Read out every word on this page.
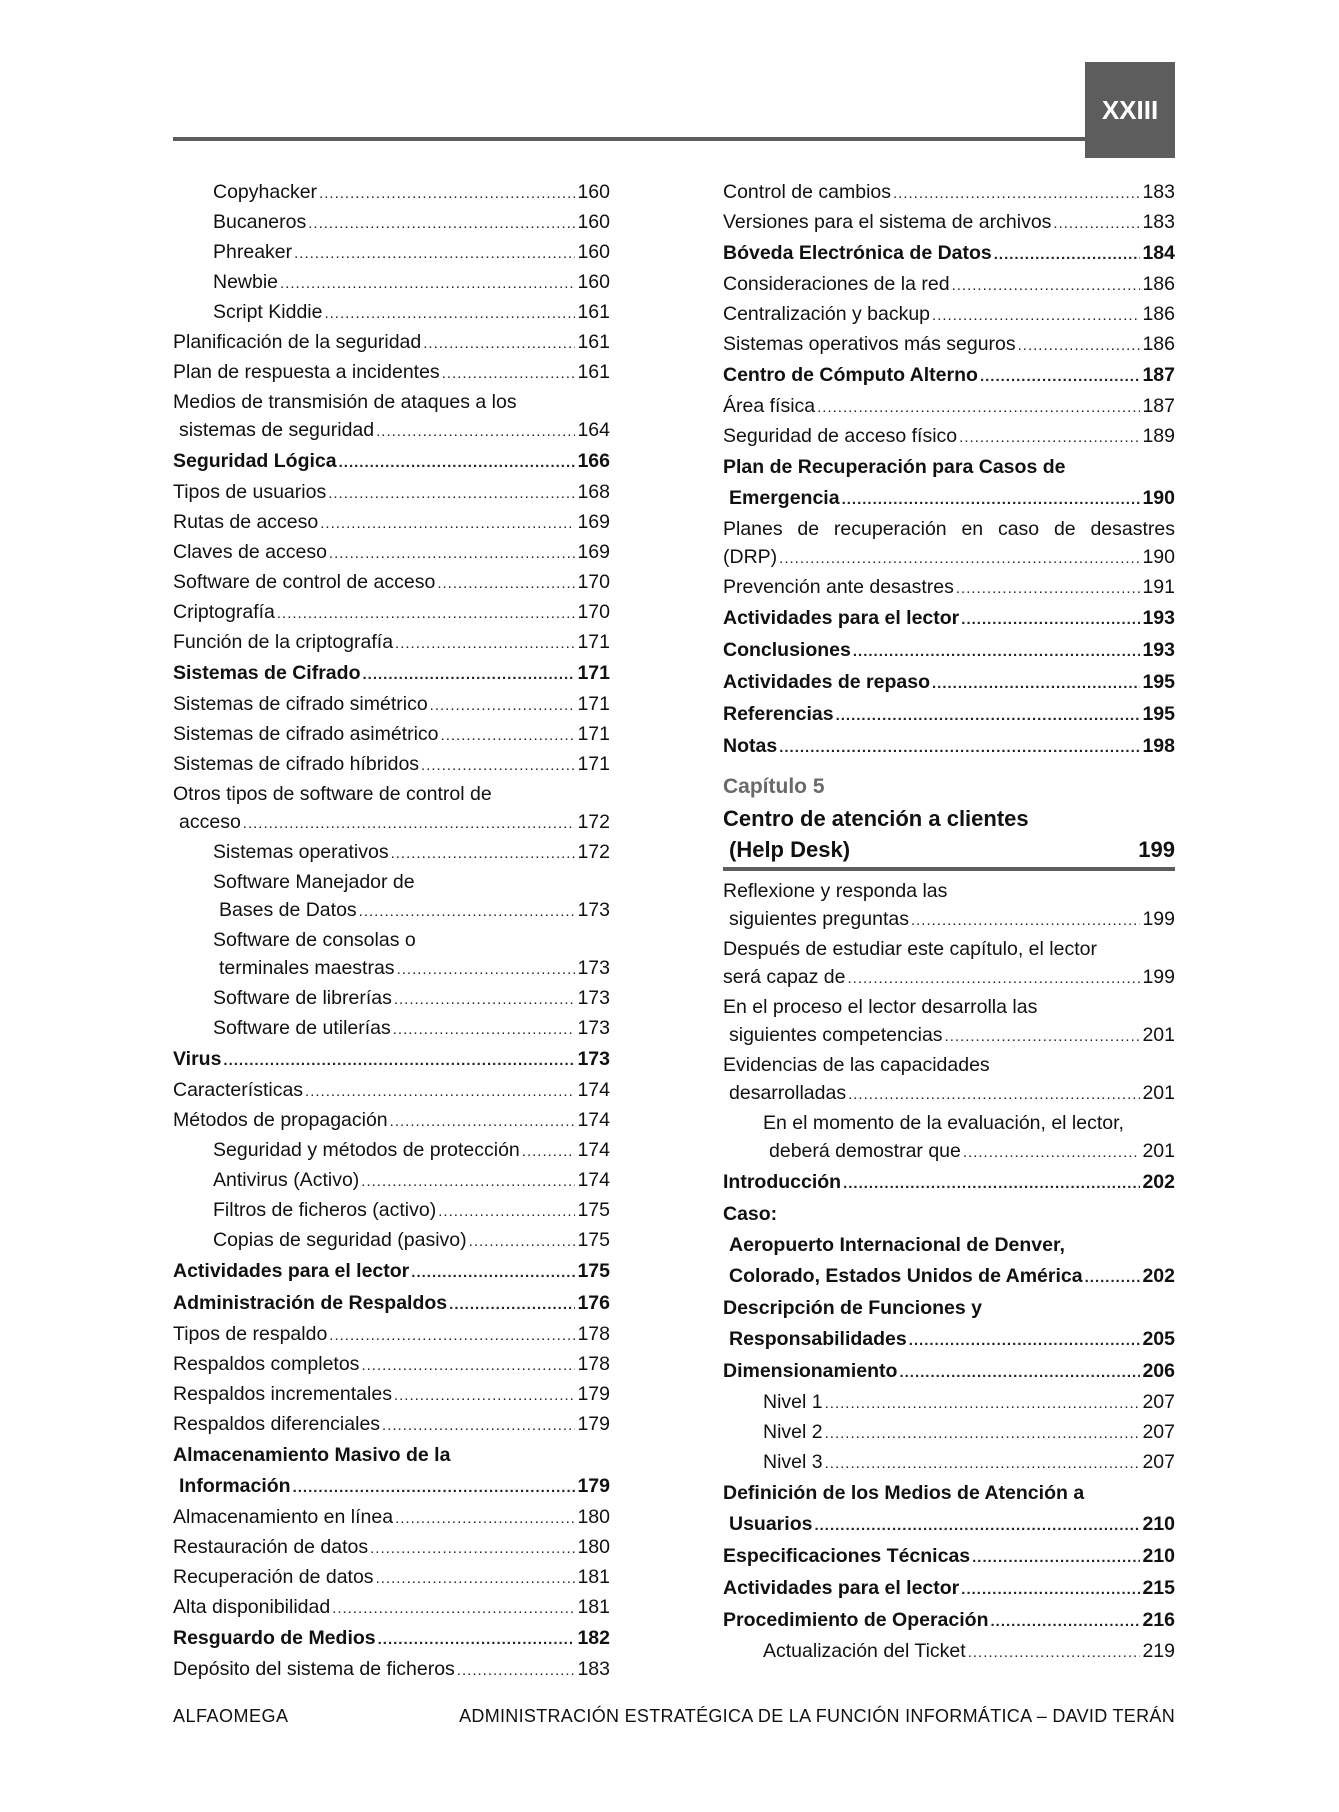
XXIII
Copyhacker .....	160
Bucaneros .....	160
Phreaker .....	160
Newbie .....	160
Script Kiddie .....	161
Planificación de la seguridad .....	161
Plan de respuesta a incidentes .....	161
Medios de transmisión de ataques a los
sistemas de seguridad .....	164
Seguridad Lógica .....	166
Tipos de usuarios .....	168
Rutas de acceso .....	169
Claves de acceso .....	169
Software de control de acceso .....	170
Criptografía .....	170
Función de la criptografía .....	171
Sistemas de Cifrado .....	171
Sistemas de cifrado simétrico .....	171
Sistemas de cifrado asimétrico .....	171
Sistemas de cifrado híbridos .....	171
Otros tipos de software de control de
acceso .....	172
Sistemas operativos .....	172
Software Manejador de
Bases de Datos .....	173
Software de consolas o
terminales maestras .....	173
Software de librerías .....	173
Software de utilerías .....	173
Virus .....	173
Características .....	174
Métodos de propagación .....	174
Seguridad y métodos de protección .....	174
Antivirus (Activo) .....	174
Filtros de ficheros (activo) .....	175
Copias de seguridad (pasivo) .....	175
Actividades para el lector .....	175
Administración de Respaldos .....	176
Tipos de respaldo .....	178
Respaldos completos .....	178
Respaldos incrementales .....	179
Respaldos diferenciales .....	179
Almacenamiento Masivo de la
Información .....	179
Almacenamiento en línea .....	180
Restauración de datos .....	180
Recuperación de datos .....	181
Alta disponibilidad .....	181
Resguardo de Medios .....	182
Depósito del sistema de ficheros .....	183
Control de cambios .....	183
Versiones para el sistema de archivos .....	183
Bóveda Electrónica de Datos .....	184
Consideraciones de la red .....	186
Centralización y backup .....	186
Sistemas operativos más seguros .....	186
Centro de Cómputo Alterno .....	187
Área física .....	187
Seguridad de acceso físico .....	189
Plan de Recuperación para Casos de
Emergencia .....	190
Planes de recuperación en caso de desastres
(DRP) .....	190
Prevención ante desastres .....	191
Actividades para el lector .....	193
Conclusiones .....	193
Actividades de repaso .....	195
Referencias .....	195
Notas .....	198
Capítulo 5
Centro de atención a clientes
(Help Desk)	199
Reflexione y responda las
siguientes preguntas .....	199
Después de estudiar este capítulo, el lector
será capaz de .....	199
En el proceso el lector desarrolla las
siguientes competencias .....	201
Evidencias de las capacidades
desarrolladas .....	201
En el momento de la evaluación, el lector,
deberá demostrar que .....	201
Introducción .....	202
Caso:
Aeropuerto Internacional de Denver,
Colorado, Estados Unidos de América .....	202
Descripción de Funciones y
Responsabilidades .....	205
Dimensionamiento .....	206
Nivel 1 .....	207
Nivel 2 .....	207
Nivel 3 .....	207
Definición de los Medios de Atención a
Usuarios .....	210
Especificaciones Técnicas .....	210
Actividades para el lector .....	215
Procedimiento de Operación .....	216
Actualización del Ticket .....	219
ALFAOMEGA	ADMINISTRACIÓN ESTRATÉGICA DE LA FUNCIÓN INFORMÁTICA – DAVID TERÁN
